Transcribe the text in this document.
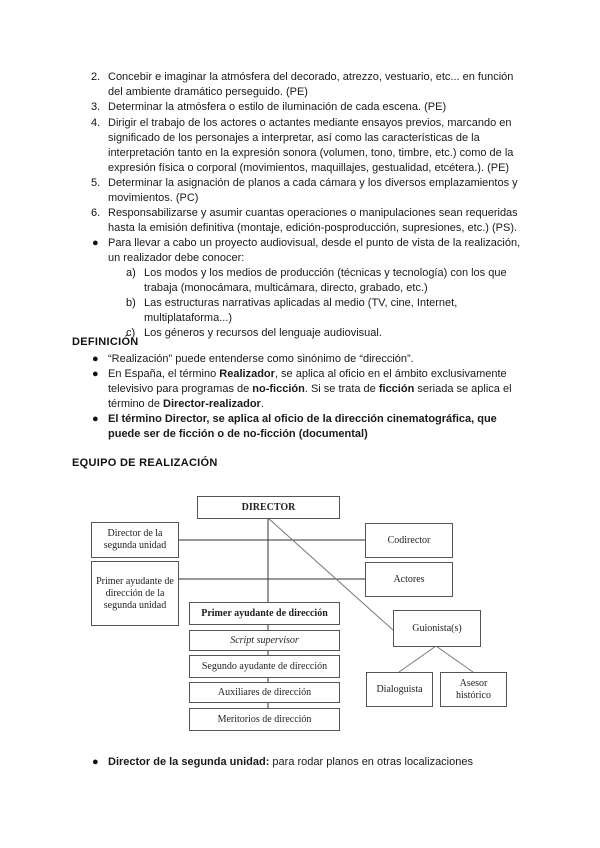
2. Concebir e imaginar la atmósfera del decorado, atrezzo, vestuario, etc... en función
del ambiente dramático perseguido. (PE)
3. Determinar la atmósfera o estilo de iluminación de cada escena. (PE)
4. Dirigir el trabajo de los actores o actantes mediante ensayos previos, marcando en
significado de los personajes a interpretar, así como las características de la
interpretación tanto en la expresión sonora (volumen, tono, timbre, etc.) como de la
expresión física o corporal (movimientos, maquillajes, gestualidad, etcétera.). (PE)
5. Determinar la asignación de planos a cada cámara y los diversos emplazamientos y
movimientos. (PC)
6. Responsabilizarse y asumir cuantas operaciones o manipulaciones sean requeridas
hasta la emisión definitiva (montaje, edición-posproducción, supresiones, etc.) (PS).
● Para llevar a cabo un proyecto audiovisual, desde el punto de vista de la realización,
un realizador debe conocer:
a) Los modos y los medios de producción (técnicas y tecnología) con los que
trabaja (monocámara, multicámara, directo, grabado, etc.)
b) Las estructuras narrativas aplicadas al medio (TV, cine, Internet,
multiplataforma...)
c) Los géneros y recursos del lenguaje audiovisual.
DEFINICIÓN
● “Realización” puede entenderse como sinónimo de “dirección”.
● En España, el término Realizador, se aplica al oficio en el ámbito exclusivamente
televisivo para programas de no-ficción. Si se trata de ficción seriada se aplica el
término de Director-realizador.
● El término Director, se aplica al oficio de la dirección cinematográfica, que
puede ser de ficción o de no-ficción (documental)
EQUIPO DE REALIZACIÓN
DIRECTOR
Director de la segunda unidad
Primer ayudante de dirección de la segunda unidad
Codirector
Actores
Primer ayudante de dirección
Script supervisor
Segundo ayudante de dirección
Auxiliares de dirección
Meritorios de dirección
Guionista(s)
Dialoguista
Asesor histórico
● Director de la segunda unidad: para rodar planos en otras localizaciones
